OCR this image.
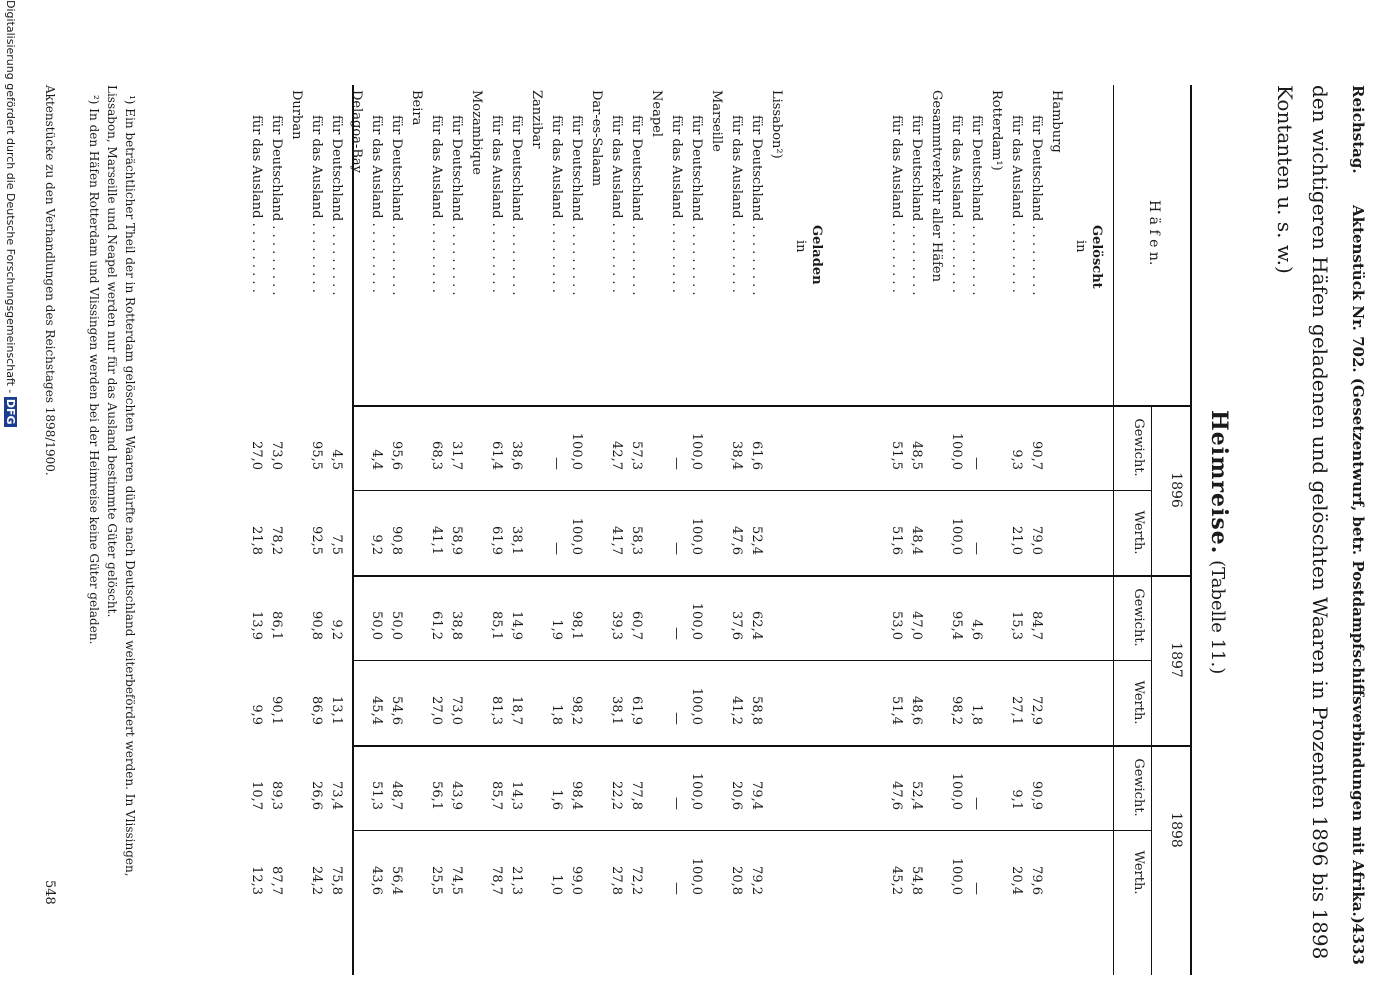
Reichstag.
Aktenstück Nr. 702. (Gesetzentwurf, betr. Postdampfschiffsverbindungen mit Afrika.)
4333
den wichtigeren Häfen geladenen und gelöschten Waaren in Prozenten 1896 bis 1898
Kontanten u. s. w.)
Heimreise. (Tabelle 11.)
H ä f e n.
1896
1897
1898
Gewicht.
Werth.
Gewicht.
Werth.
Gewicht.
Werth.
Gelöscht
in
Geladen
in
Hamburg
für Deutschland . . . . . . . . .
90,7
79,0
84,7
72,9
90,9
79,6
für das Ausland . . . . . . . . .
9,3
21,0
15,3
27,1
9,1
20,4
Rotterdam¹)
für Deutschland . . . . . . . . .
—
—
4,6
1,8
—
—
für das Ausland . . . . . . . . .
100,0
100,0
95,4
98,2
100,0
100,0
Gesammtverkehr aller Häfen
für Deutschland . . . . . . . . .
48,5
48,4
47,0
48,6
52,4
54,8
für das Ausland . . . . . . . . .
51,5
51,6
53,0
51,4
47,6
45,2
Lissabon²)
für Deutschland . . . . . . . . .
61,6
52,4
62,4
58,8
79,4
79,2
für das Ausland . . . . . . . . .
38,4
47,6
37,6
41,2
20,6
20,8
Marseille
für Deutschland . . . . . . . . .
100,0
100,0
100,0
100,0
100,0
100,0
für das Ausland . . . . . . . . .
—
—
—
—
—
—
Neapel
für Deutschland . . . . . . . . .
57,3
58,3
60,7
61,9
77,8
72,2
für das Ausland . . . . . . . . .
42,7
41,7
39,3
38,1
22,2
27,8
Dar-es-Salaam
für Deutschland . . . . . . . . .
100,0
100,0
98,1
98,2
98,4
99,0
für das Ausland . . . . . . . . .
—
—
1,9
1,8
1,6
1,0
Zanzibar
für Deutschland . . . . . . . . .
38,6
38,1
14,9
18,7
14,3
21,3
für das Ausland . . . . . . . . .
61,4
61,9
85,1
81,3
85,7
78,7
Mozambique
für Deutschland . . . . . . . . .
31,7
58,9
38,8
73,0
43,9
74,5
für das Ausland . . . . . . . . .
68,3
41,1
61,2
27,0
56,1
25,5
Beira
für Deutschland . . . . . . . . .
95,6
90,8
50,0
54,6
48,7
56,4
für das Ausland . . . . . . . . .
4,4
9,2
50,0
45,4
51,3
43,6
Delagoa-Bay
für Deutschland . . . . . . . . .
4,5
7,5
9,2
13,1
73,4
75,8
für das Ausland . . . . . . . . .
95,5
92,5
90,8
86,9
26,6
24,2
Durban
für Deutschland . . . . . . . . .
73,0
78,2
86,1
90,1
89,3
87,7
für das Ausland . . . . . . . . .
27,0
21,8
13,9
9,9
10,7
12,3
¹) Ein beträchtlicher Theil der in Rotterdam gelöschten Waaren dürfte nach Deutschland weiterbefördert werden. In Vlissingen,
Lissabon, Marseille und Neapel werden nur für das Ausland bestimmte Güter gelöscht.
²) In den Häfen Rotterdam und Vlissingen werden bei der Heimreise keine Güter geladen.
Aktenstücke zu den Verhandlungen des Reichstages 1898/1900.
548
Digitalisierung gefördert durch die Deutsche Forschungsgemeinschaft - DFG
